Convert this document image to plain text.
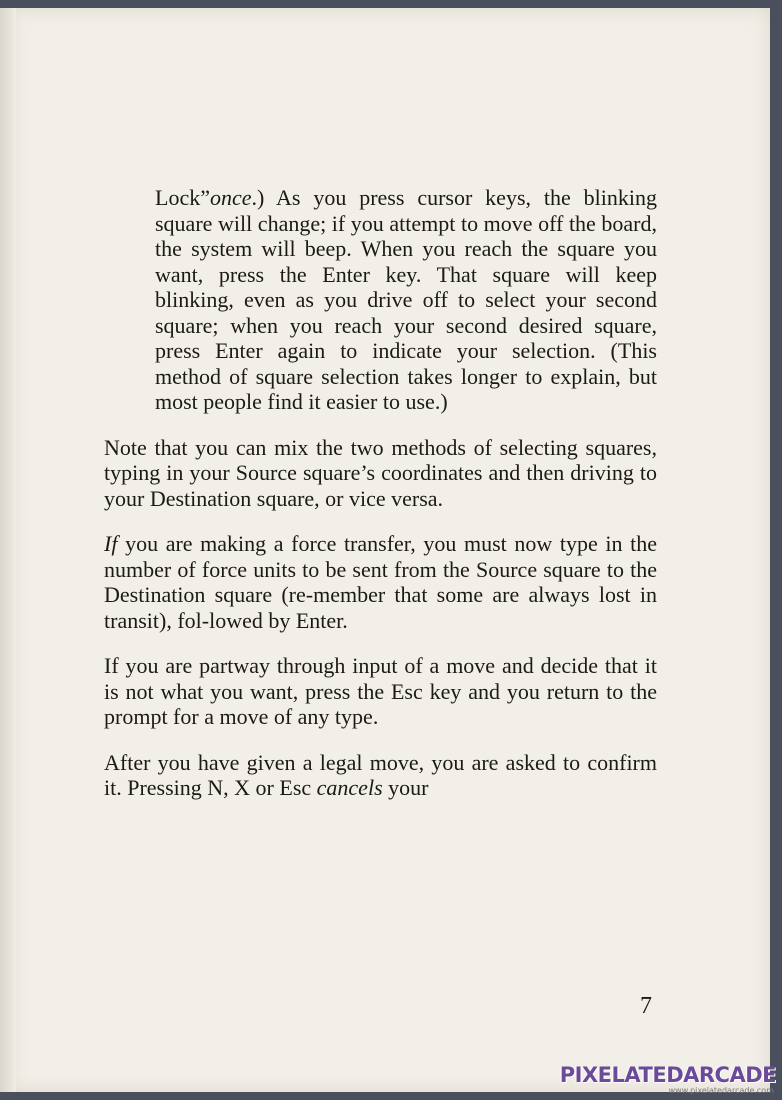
Lock”once.) As you press cursor keys, the blinking square will change; if you attempt to move off the board, the system will beep. When you reach the square you want, press the Enter key. That square will keep blinking, even as you drive off to select your second square; when you reach your second desired square, press Enter again to indicate your selection. (This method of square selection takes longer to explain, but most people find it easier to use.)

Note that you can mix the two methods of selecting squares, typing in your Source square’s coordinates and then driving to your Destination square, or vice versa.

If you are making a force transfer, you must now type in the number of force units to be sent from the Source square to the Destination square (re-member that some are always lost in transit), fol-lowed by Enter.

If you are partway through input of a move and decide that it is not what you want, press the Esc key and you return to the prompt for a move of any type.

After you have given a legal move, you are asked to confirm it. Pressing N, X or Esc cancels your

7
PIXELATEDARCADE
www.pixelatedarcade.com
